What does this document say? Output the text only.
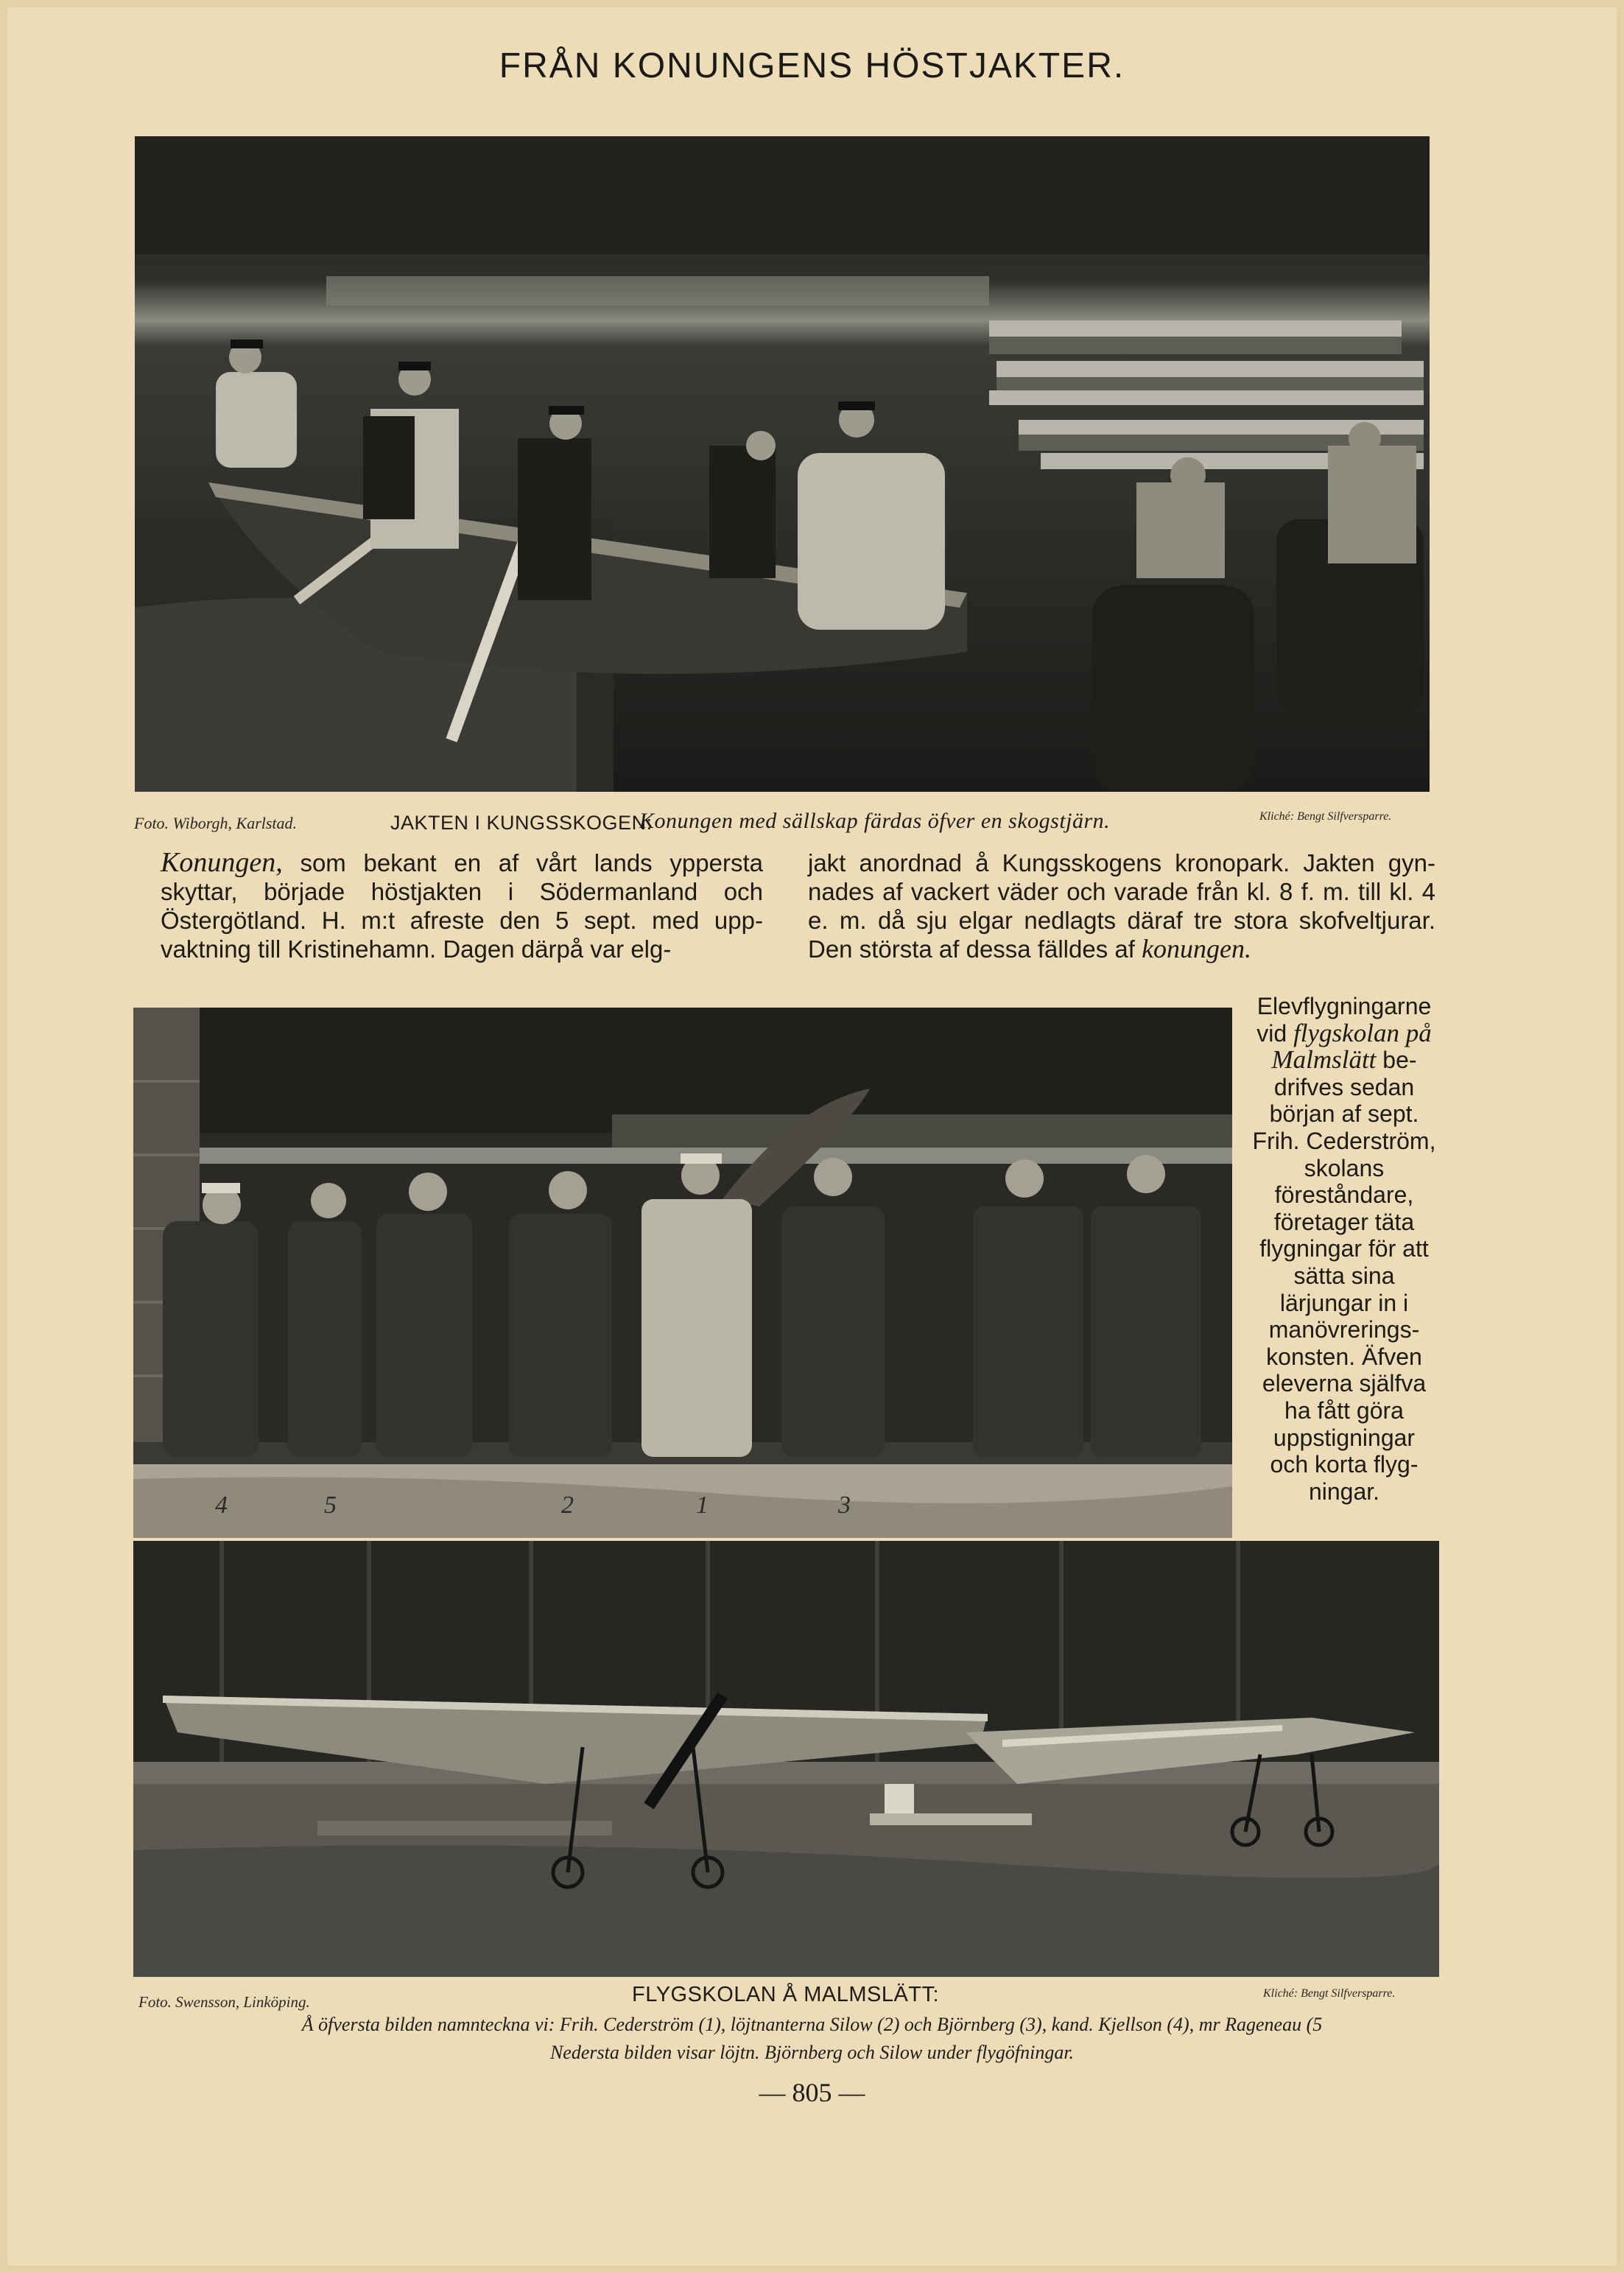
FRÅN KONUNGENS HÖSTJAKTER.
Foto. Wiborgh, Karlstad.	JAKTEN I KUNGSSKOGEN:
Konungen med sällskap färdas öfver en skogstjärn.	Kliché: Bengt Silfversparre.
Konungen, som bekant en af vårt lands yppersta skyttar, började höstjakten i Södermanland och Östergötland. H. m:t afreste den 5 sept. med uppvaktning till Kristinehamn. Dagen därpå var elg-
jakt anordnad å Kungsskogens kronopark. Jakten gynnades af vackert väder och varade från kl. 8 f. m. till kl. 4 e. m. då sju elgar nedlagts däraf tre stora skofveltjurar. Den största af dessa fälldes af konungen.
4	5	2	1	3
Elevflygningarne vid flygskolan på Malmslätt bedrifves sedan början af sept. Frih. Cederström, skolans föreståndare, företager täta flygningar för att sätta sina lärjungar in i manövreringskonsten. Äfven eleverna själfva ha fått göra uppstigningar och korta flygningar.
Foto. Swensson, Linköping.	FLYGSKOLAN Å MALMSLÄTT:	Kliché: Bengt Silfversparre.
Å öfversta bilden namnteckna vi: Frih. Cederström (1), löjtnanterna Silow (2) och Björnberg (3), kand. Kjellson (4), mr Rageneau (5
Nedersta bilden visar löjtn. Björnberg och Silow under flygöfningar.
— 805 —
